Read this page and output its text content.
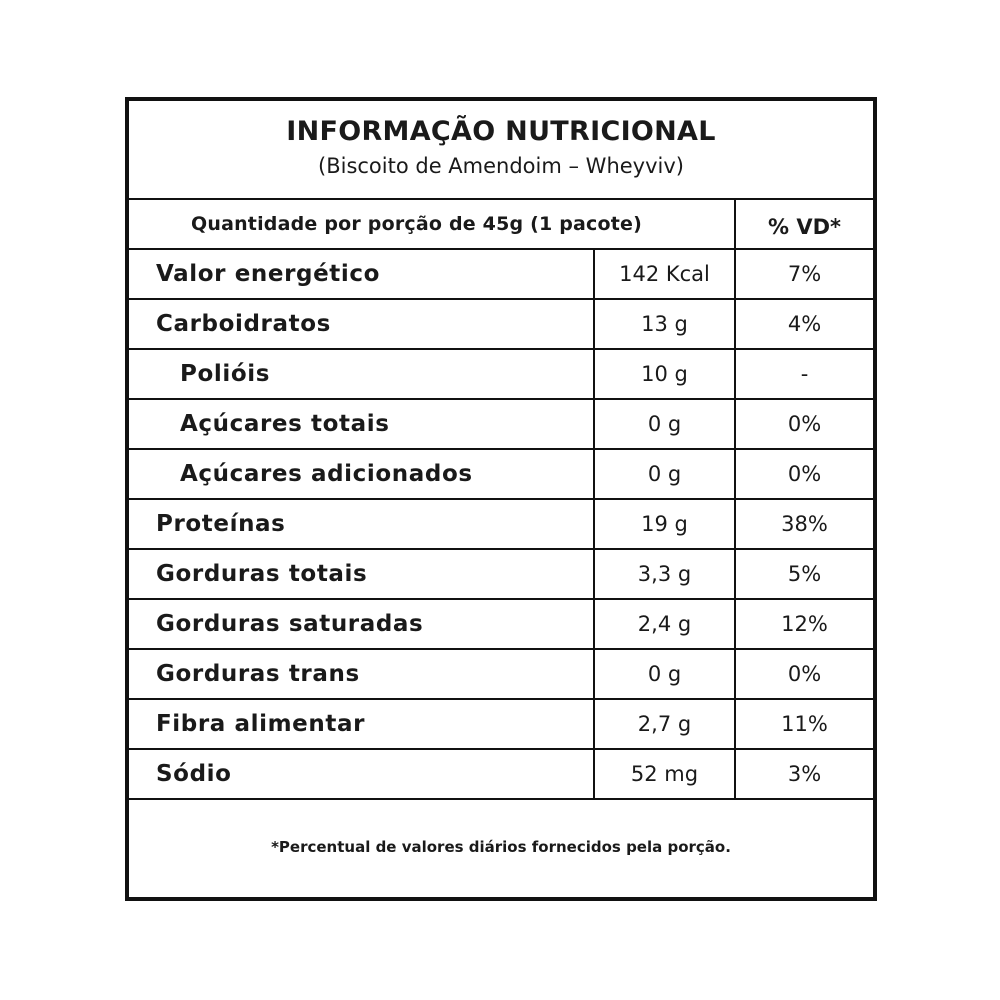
INFORMAÇÃO NUTRICIONAL
(Biscoito de Amendoim – Wheyviv)
Quantidade por porção de 45g (1 pacote)	% VD*
Valor energético	142 Kcal	7%
Carboidratos	13 g	4%
Polióis	10 g	-
Açúcares totais	0 g	0%
Açúcares adicionados	0 g	0%
Proteínas	19 g	38%
Gorduras totais	3,3 g	5%
Gorduras saturadas	2,4 g	12%
Gorduras trans	0 g	0%
Fibra alimentar	2,7 g	11%
Sódio	52 mg	3%
*Percentual de valores diários fornecidos pela porção.
